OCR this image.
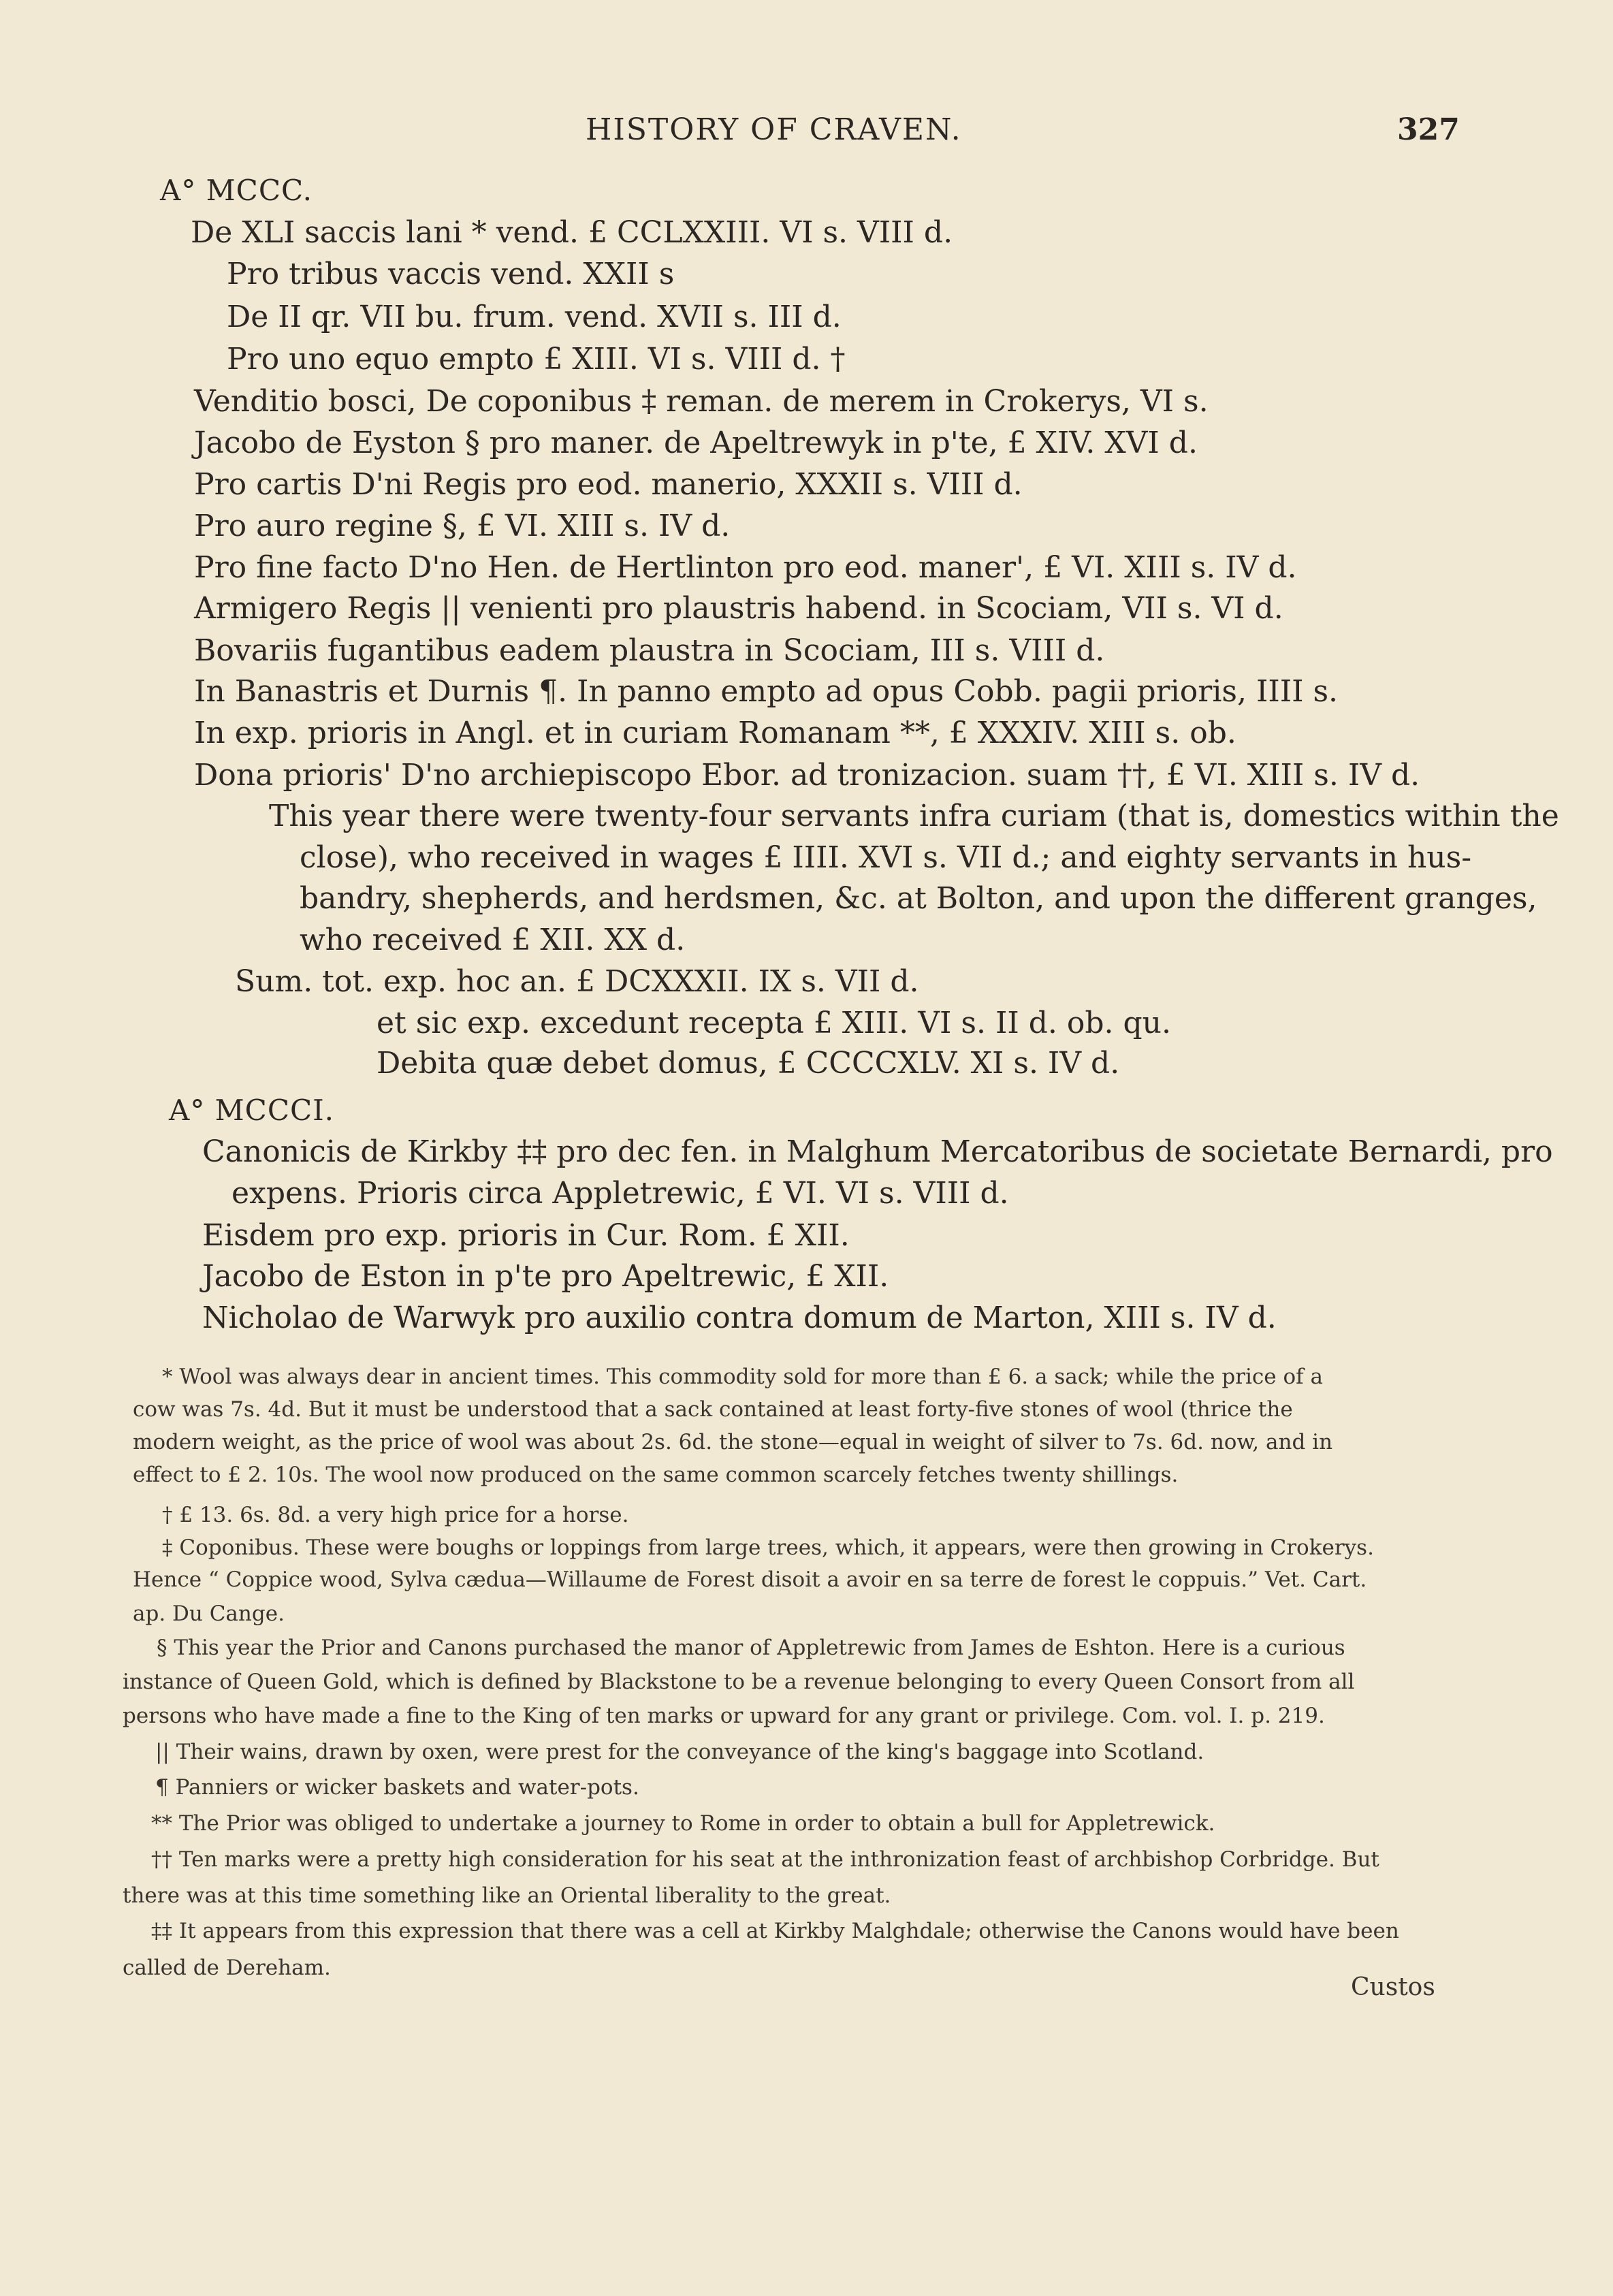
HISTORY OF CRAVEN.	327
A° MCCC.
De XLI saccis lani * vend. £ CCLXXIII. VI s. VIII d.
Pro tribus vaccis vend. XXII s
De II qr. VII bu. frum. vend. XVII s. III d.
Pro uno equo empto £ XIII. VI s. VIII d. †
Venditio bosci, De coponibus ‡ reman. de merem in Crokerys, VI s.
Jacobo de Eyston § pro maner. de Apeltrewyk in p'te, £ XIV. XVI d.
Pro cartis D'ni Regis pro eod. manerio, XXXII s. VIII d.
Pro auro regine §, £ VI. XIII s. IV d.
Pro fine facto D'no Hen. de Hertlinton pro eod. maner', £ VI. XIII s. IV d.
Armigero Regis || venienti pro plaustris habend. in Scociam, VII s. VI d.
Bovariis fugantibus eadem plaustra in Scociam, III s. VIII d.
In Banastris et Durnis ¶. In panno empto ad opus Cobb. pagii prioris, IIII s.
In exp. prioris in Angl. et in curiam Romanam **, £ XXXIV. XIII s. ob.
Dona prioris' D'no archiepiscopo Ebor. ad tronizacion. suam ††, £ VI. XIII s. IV d.
This year there were twenty-four servants infra curiam (that is, domestics within the
close), who received in wages £ IIII. XVI s. VII d.; and eighty servants in hus-
bandry, shepherds, and herdsmen, &c. at Bolton, and upon the different granges,
who received £ XII. XX d.
Sum. tot. exp. hoc an. £ DCXXXII. IX s. VII d.
et sic exp. excedunt recepta £ XIII. VI s. II d. ob. qu.
Debita quæ debet domus, £ CCCCXLV. XI s. IV d.
A° MCCCI.
Canonicis de Kirkby ‡‡ pro dec fen. in Malghum Mercatoribus de societate Bernardi, pro
expens. Prioris circa Appletrewic, £ VI. VI s. VIII d.
Eisdem pro exp. prioris in Cur. Rom. £ XII.
Jacobo de Eston in p'te pro Apeltrewic, £ XII.
Nicholao de Warwyk pro auxilio contra domum de Marton, XIII s. IV d.
* Wool was always dear in ancient times. This commodity sold for more than £ 6. a sack; while the price of a
cow was 7s. 4d. But it must be understood that a sack contained at least forty-five stones of wool (thrice the
modern weight, as the price of wool was about 2s. 6d. the stone—equal in weight of silver to 7s. 6d. now, and in
effect to £ 2. 10s. The wool now produced on the same common scarcely fetches twenty shillings.
† £ 13. 6s. 8d. a very high price for a horse.
‡ Coponibus. These were boughs or loppings from large trees, which, it appears, were then growing in Crokerys.
Hence “ Coppice wood, Sylva cædua—Willaume de Forest disoit a avoir en sa terre de forest le coppuis.” Vet. Cart.
ap. Du Cange.
§ This year the Prior and Canons purchased the manor of Appletrewic from James de Eshton. Here is a curious
instance of Queen Gold, which is defined by Blackstone to be a revenue belonging to every Queen Consort from all
persons who have made a fine to the King of ten marks or upward for any grant or privilege. Com. vol. I. p. 219.
|| Their wains, drawn by oxen, were prest for the conveyance of the king's baggage into Scotland.
¶ Panniers or wicker baskets and water-pots.
** The Prior was obliged to undertake a journey to Rome in order to obtain a bull for Appletrewick.
†† Ten marks were a pretty high consideration for his seat at the inthronization feast of archbishop Corbridge. But
there was at this time something like an Oriental liberality to the great.
‡‡ It appears from this expression that there was a cell at Kirkby Malghdale; otherwise the Canons would have been
called de Dereham.
Custos
